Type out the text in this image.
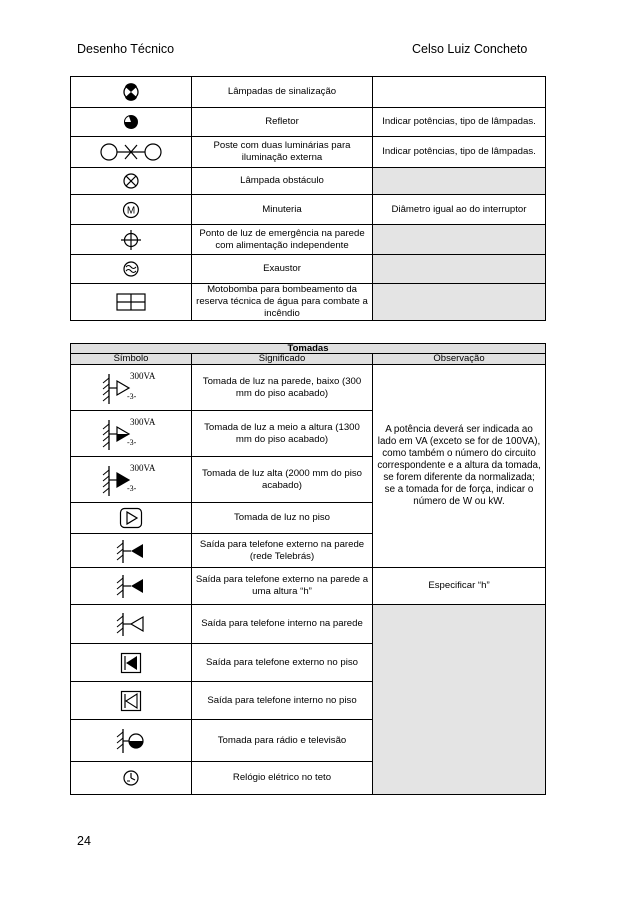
Desenho Técnico	Celso Luiz Concheto
	Lâmpadas de sinalização	

	Refletor	Indicar potências, tipo de lâmpadas.

	Poste com duas luminárias para iluminação externa	Indicar potências, tipo de lâmpadas.

	Lâmpada obstáculo	

M	Minuteria	Diâmetro igual ao do interruptor

	Ponto de luz de emergência na parede com alimentação independente	

	Exaustor	

	Motobomba para bombeamento da reserva técnica de água para combate a incêndio	
Tomadas		
Símbolo	Significado	Observação

300VA
-3-	Tomada de luz na parede, baixo (300 mm do piso acabado)	A potência deverá ser indicada ao lado em VA (exceto se for de 100VA), como também o número do circuito correspondente e a altura da tomada, se forem diferente da normalizada; se a tomada for de força, indicar o número de W ou kW.

300VA
-3-	Tomada de luz a meio a altura (1300 mm do piso acabado)	

300VA
-3-	Tomada de luz alta (2000 mm do piso acabado)	

	Tomada de luz no piso	

	Saída para telefone externo na parede (rede Telebrás)	

	Saída para telefone externo na parede a uma altura “h”	Especificar “h”

	Saída para telefone interno na parede	

	Saída para telefone externo no piso	

	Saída para telefone interno no piso	

	Tomada para rádio e televisão	

	Relógio elétrico no teto	
24
